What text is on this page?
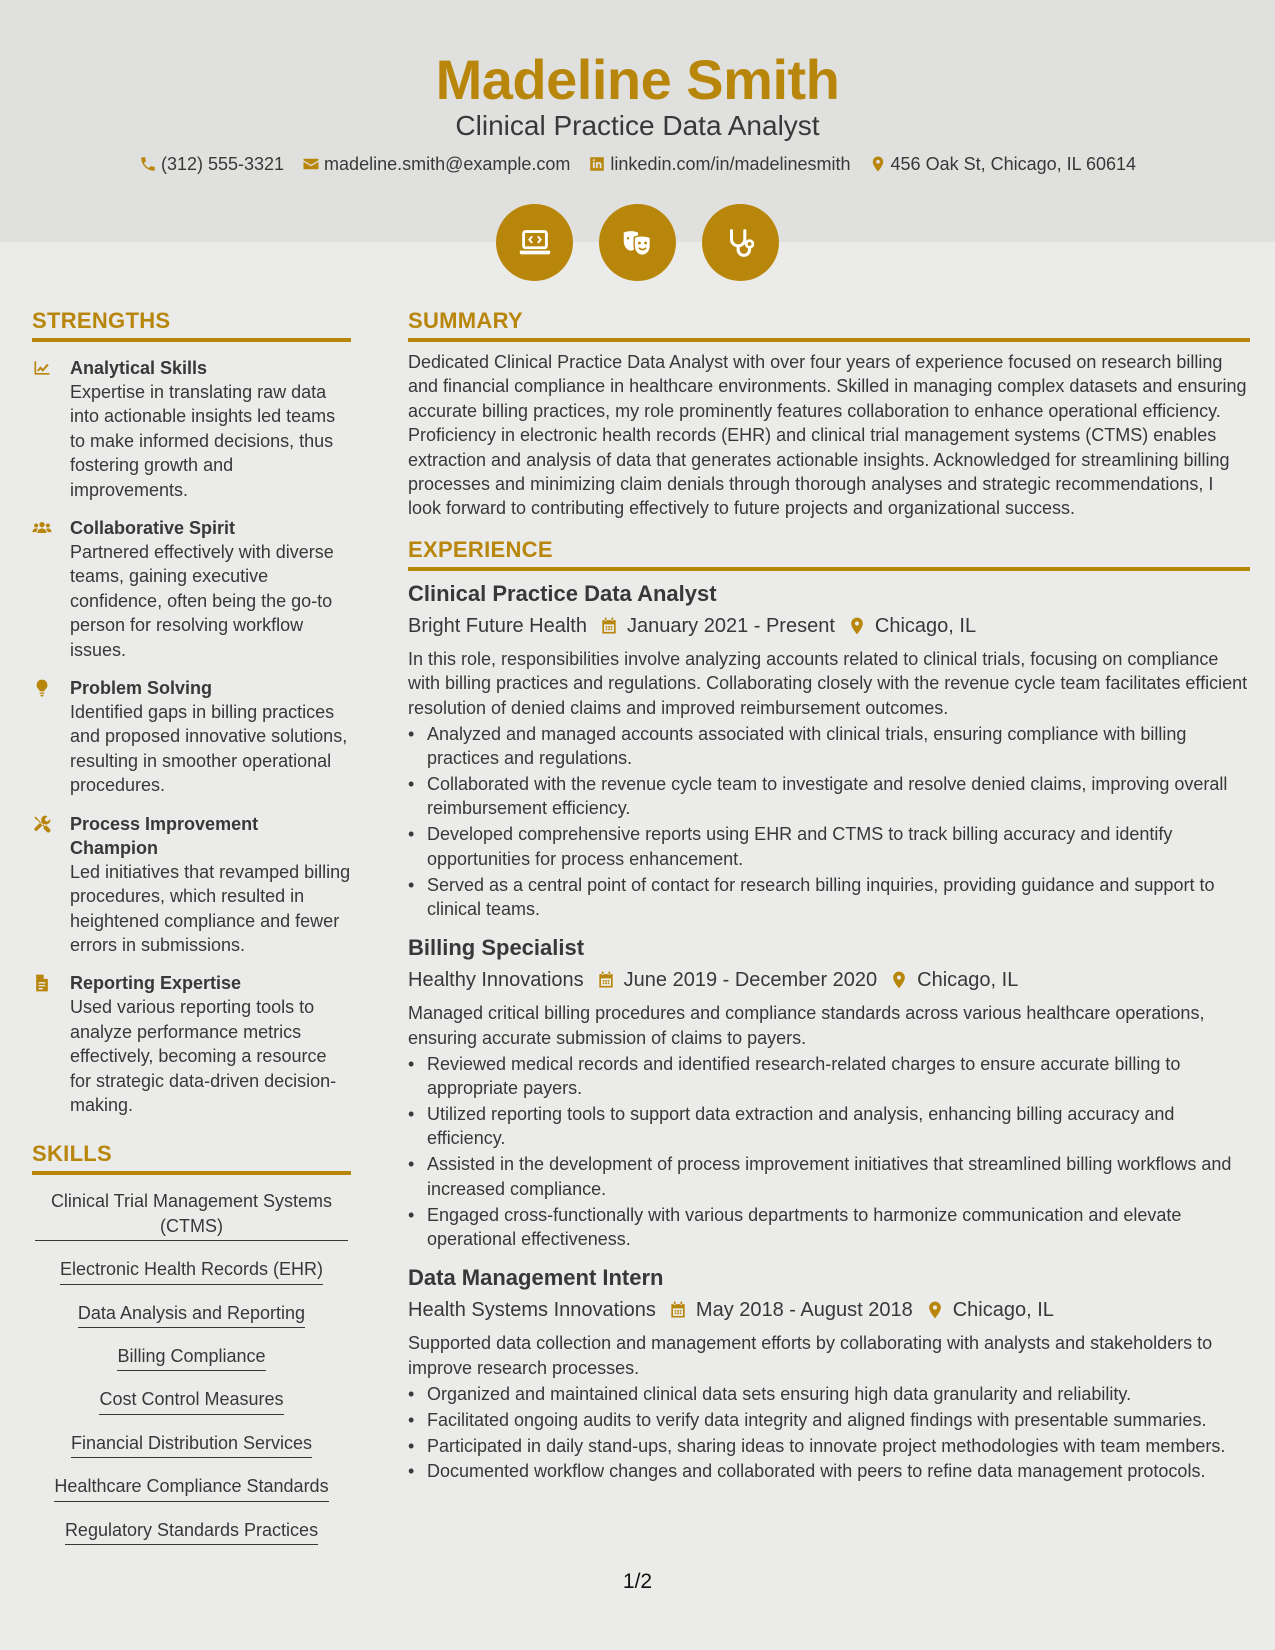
Madeline Smith
Clinical Practice Data Analyst
(312) 555-3321 madeline.smith@example.com linkedin.com/in/madelinesmith 456 Oak St, Chicago, IL 60614
STRENGTHS
Analytical Skills
Expertise in translating raw data into actionable insights led teams to make informed decisions, thus fostering growth and improvements.
Collaborative Spirit
Partnered effectively with diverse teams, gaining executive confidence, often being the go-to person for resolving workflow issues.
Problem Solving
Identified gaps in billing practices and proposed innovative solutions, resulting in smoother operational procedures.
Process Improvement Champion
Led initiatives that revamped billing procedures, which resulted in heightened compliance and fewer errors in submissions.
Reporting Expertise
Used various reporting tools to analyze performance metrics effectively, becoming a resource for strategic data-driven decision-making.
SKILLS
Clinical Trial Management Systems (CTMS)
Electronic Health Records (EHR)
Data Analysis and Reporting
Billing Compliance
Cost Control Measures
Financial Distribution Services
Healthcare Compliance Standards
Regulatory Standards Practices
SUMMARY
Dedicated Clinical Practice Data Analyst with over four years of experience focused on research billing and financial compliance in healthcare environments. Skilled in managing complex datasets and ensuring accurate billing practices, my role prominently features collaboration to enhance operational efficiency. Proficiency in electronic health records (EHR) and clinical trial management systems (CTMS) enables extraction and analysis of data that generates actionable insights. Acknowledged for streamlining billing processes and minimizing claim denials through thorough analyses and strategic recommendations, I look forward to contributing effectively to future projects and organizational success.
EXPERIENCE
Clinical Practice Data Analyst
Bright Future Health January 2021 - Present Chicago, IL
In this role, responsibilities involve analyzing accounts related to clinical trials, focusing on compliance with billing practices and regulations. Collaborating closely with the revenue cycle team facilitates efficient resolution of denied claims and improved reimbursement outcomes.
• Analyzed and managed accounts associated with clinical trials, ensuring compliance with billing practices and regulations.
• Collaborated with the revenue cycle team to investigate and resolve denied claims, improving overall reimbursement efficiency.
• Developed comprehensive reports using EHR and CTMS to track billing accuracy and identify opportunities for process enhancement.
• Served as a central point of contact for research billing inquiries, providing guidance and support to clinical teams.
Billing Specialist
Healthy Innovations June 2019 - December 2020 Chicago, IL
Managed critical billing procedures and compliance standards across various healthcare operations, ensuring accurate submission of claims to payers.
• Reviewed medical records and identified research-related charges to ensure accurate billing to appropriate payers.
• Utilized reporting tools to support data extraction and analysis, enhancing billing accuracy and efficiency.
• Assisted in the development of process improvement initiatives that streamlined billing workflows and increased compliance.
• Engaged cross-functionally with various departments to harmonize communication and elevate operational effectiveness.
Data Management Intern
Health Systems Innovations May 2018 - August 2018 Chicago, IL
Supported data collection and management efforts by collaborating with analysts and stakeholders to improve research processes.
• Organized and maintained clinical data sets ensuring high data granularity and reliability.
• Facilitated ongoing audits to verify data integrity and aligned findings with presentable summaries.
• Participated in daily stand-ups, sharing ideas to innovate project methodologies with team members.
• Documented workflow changes and collaborated with peers to refine data management protocols.
1/2
